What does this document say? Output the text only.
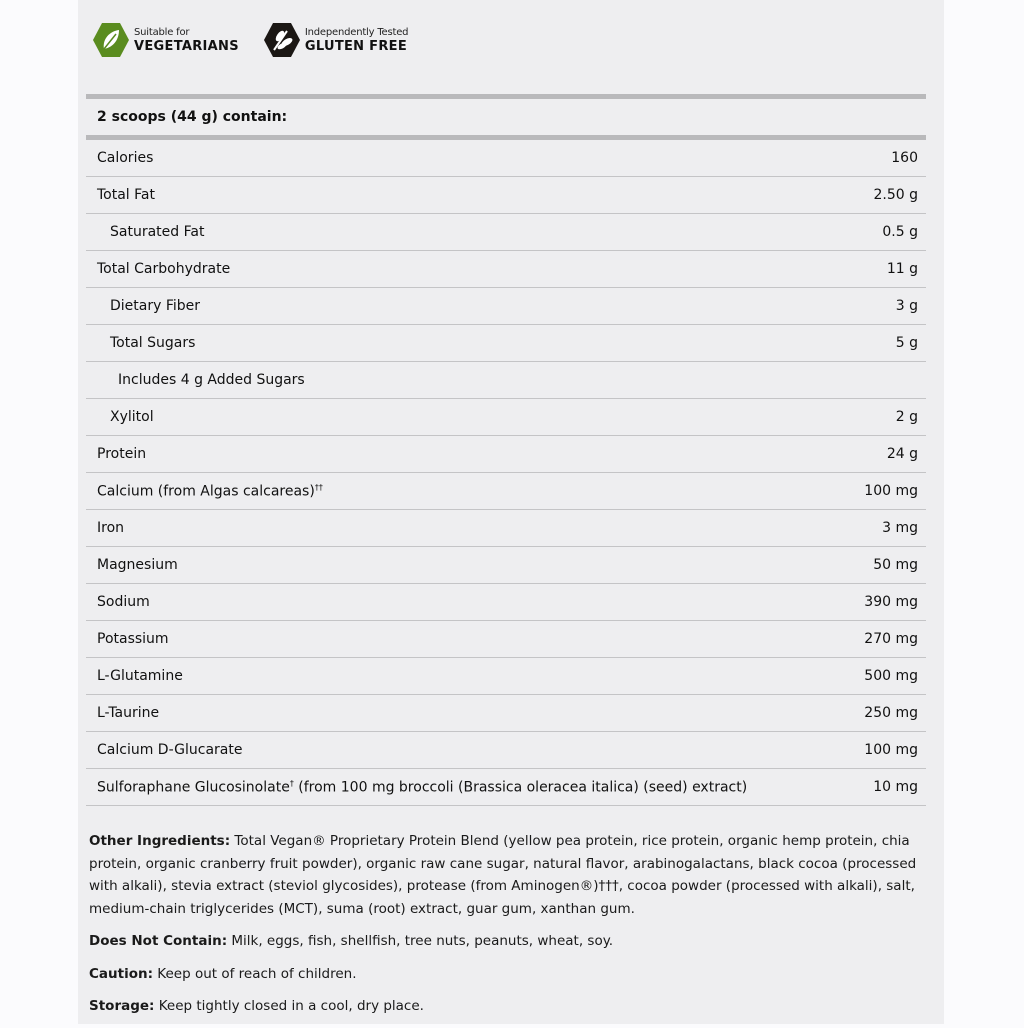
Suitable for
VEGETARIANS
Independently Tested
GLUTEN FREE
2 scoops (44 g) contain:
Calories	160
Total Fat	2.50 g
Saturated Fat	0.5 g
Total Carbohydrate	11 g
Dietary Fiber	3 g
Total Sugars	5 g
Includes 4 g Added Sugars
Xylitol	2 g
Protein	24 g
Calcium (from Algas calcareas)††	100 mg
Iron	3 mg
Magnesium	50 mg
Sodium	390 mg
Potassium	270 mg
L-Glutamine	500 mg
L-Taurine	250 mg
Calcium D-Glucarate	100 mg
Sulforaphane Glucosinolate† (from 100 mg broccoli (Brassica oleracea italica) (seed) extract)	10 mg

Other Ingredients: Total Vegan® Proprietary Protein Blend (yellow pea protein, rice protein, organic hemp protein, chia protein, organic cranberry fruit powder), organic raw cane sugar, natural flavor, arabinogalactans, black cocoa (processed with alkali), stevia extract (steviol glycosides), protease (from Aminogen®)†††, cocoa powder (processed with alkali), salt, medium-chain triglycerides (MCT), suma (root) extract, guar gum, xanthan gum.

Does Not Contain: Milk, eggs, fish, shellfish, tree nuts, peanuts, wheat, soy.

Caution: Keep out of reach of children.

Storage: Keep tightly closed in a cool, dry place.
